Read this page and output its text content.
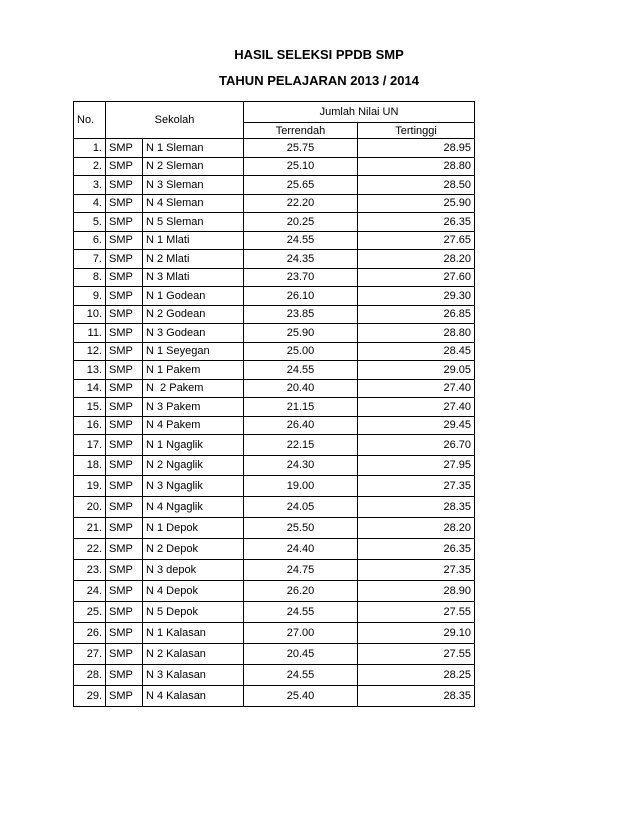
HASIL SELEKSI PPDB SMP
TAHUN PELAJARAN 2013 / 2014
No.	Sekolah		Jumlah Nilai UN	
			Terrendah	Tertinggi
1.	SMP	N 1 Sleman	25.75	28.95
2.	SMP	N 2 Sleman	25.10	28.80
3.	SMP	N 3 Sleman	25.65	28.50
4.	SMP	N 4 Sleman	22.20	25.90
5.	SMP	N 5 Sleman	20.25	26.35
6.	SMP	N 1 Mlati	24.55	27.65
7.	SMP	N 2 Mlati	24.35	28.20
8.	SMP	N 3 Mlati	23.70	27.60
9.	SMP	N 1 Godean	26.10	29.30
10.	SMP	N 2 Godean	23.85	26.85
11.	SMP	N 3 Godean	25.90	28.80
12.	SMP	N 1 Seyegan	25.00	28.45
13.	SMP	N 1 Pakem	24.55	29.05
14.	SMP	N  2 Pakem	20.40	27.40
15.	SMP	N 3 Pakem	21.15	27.40
16.	SMP	N 4 Pakem	26.40	29.45
17.	SMP	N 1 Ngaglik	22.15	26.70
18.	SMP	N 2 Ngaglik	24.30	27.95
19.	SMP	N 3 Ngaglik	19.00	27.35
20.	SMP	N 4 Ngaglik	24.05	28.35
21.	SMP	N 1 Depok	25.50	28.20
22.	SMP	N 2 Depok	24.40	26.35
23.	SMP	N 3 depok	24.75	27.35
24.	SMP	N 4 Depok	26.20	28.90
25.	SMP	N 5 Depok	24.55	27.55
26.	SMP	N 1 Kalasan	27.00	29.10
27.	SMP	N 2 Kalasan	20.45	27.55
28.	SMP	N 3 Kalasan	24.55	28.25
29.	SMP	N 4 Kalasan	25.40	28.35
